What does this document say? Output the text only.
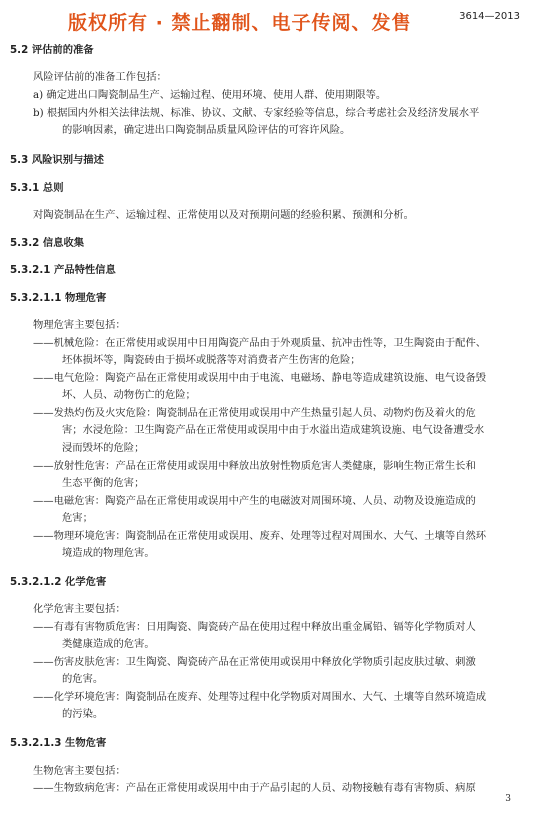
版权所有 · 禁止翻制、电子传阅、发售	3614—2013
5.2 评估前的准备
风险评估前的准备工作包括：
a) 确定进出口陶瓷制品生产、运输过程、使用环境、使用人群、使用期限等。
b) 根据国内外相关法律法规、标准、协议、文献、专家经验等信息，综合考虑社会及经济发展水平
的影响因素，确定进出口陶瓷制品质量风险评估的可容许风险。
5.3 风险识别与描述
5.3.1 总则
对陶瓷制品在生产、运输过程、正常使用以及对预期问题的经验积累、预测和分析。
5.3.2 信息收集
5.3.2.1 产品特性信息
5.3.2.1.1 物理危害
物理危害主要包括：
——机械危险：在正常使用或误用中日用陶瓷产品由于外观质量、抗冲击性等，卫生陶瓷由于配件、
坯体损坏等，陶瓷砖由于损坏或脱落等对消费者产生伤害的危险；
——电气危险：陶瓷产品在正常使用或误用中由于电流、电磁场、静电等造成建筑设施、电气设备毁
坏、人员、动物伤亡的危险；
——发热灼伤及火灾危险：陶瓷制品在正常使用或误用中产生热量引起人员、动物灼伤及着火的危
害；水浸危险：卫生陶瓷产品在正常使用或误用中由于水溢出造成建筑设施、电气设备遭受水
浸而毁坏的危险；
——放射性危害：产品在正常使用或误用中释放出放射性物质危害人类健康，影响生物正常生长和
生态平衡的危害；
——电磁危害：陶瓷产品在正常使用或误用中产生的电磁波对周围环境、人员、动物及设施造成的
危害；
——物理环境危害：陶瓷制品在正常使用或误用、废弃、处理等过程对周围水、大气、土壤等自然环
境造成的物理危害。
5.3.2.1.2 化学危害
化学危害主要包括：
——有毒有害物质危害：日用陶瓷、陶瓷砖产品在使用过程中释放出重金属铅、镉等化学物质对人
类健康造成的危害。
——伤害皮肤危害：卫生陶瓷、陶瓷砖产品在正常使用或误用中释放化学物质引起皮肤过敏、刺激
的危害。
——化学环境危害：陶瓷制品在废弃、处理等过程中化学物质对周围水、大气、土壤等自然环境造成
的污染。
5.3.2.1.3 生物危害
生物危害主要包括：
——生物致病危害：产品在正常使用或误用中由于产品引起的人员、动物接触有毒有害物质、病原
3
